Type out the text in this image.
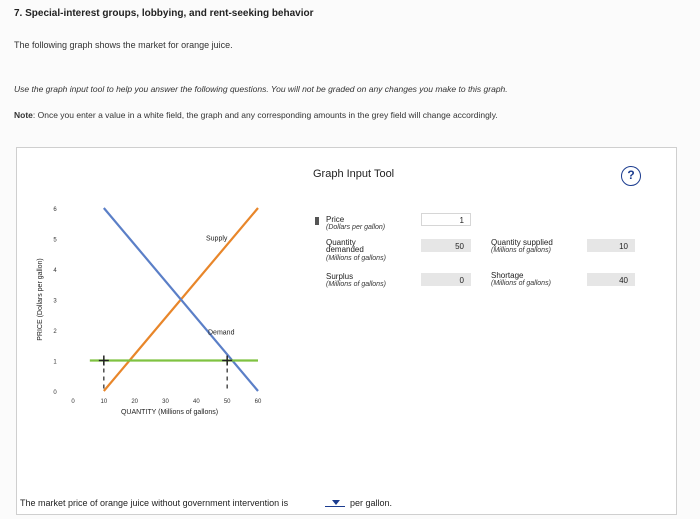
7. Special-interest groups, lobbying, and rent-seeking behavior
The following graph shows the market for orange juice.
Use the graph input tool to help you answer the following questions. You will not be graded on any changes you make to this graph.
Note: Once you enter a value in a white field, the graph and any corresponding amounts in the grey field will change accordingly.
0
1
2
3
4
5
6
0	10	20	30	40	50	60
PRICE (Dollars per gallon)
QUANTITY (Millions of gallons)
Supply
Demand
Graph Input Tool	?
Price
(Dollars per gallon)
1
Quantity
demanded
(Millions of gallons)
50	Quantity supplied
(Millions of gallons)	10
Surplus
(Millions of gallons)	0
Shortage
(Millions of gallons)	40
The market price of orange juice without government intervention is	per gallon.
